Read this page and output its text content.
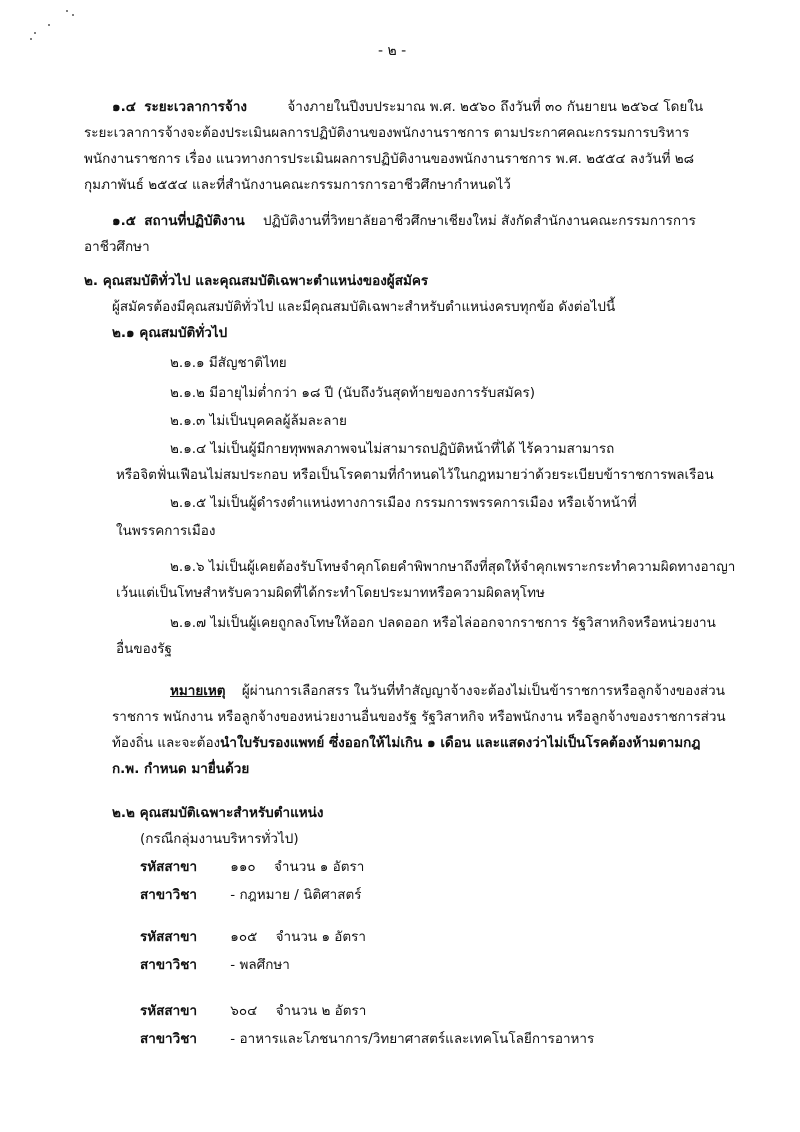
- ๒ -
๑.๔ ระยะเวลาการจ้าง	จ้างภายในปีงบประมาณ พ.ศ. ๒๕๖๐ ถึงวันที่ ๓๐ กันยายน ๒๕๖๔ โดยใน
ระยะเวลาการจ้างจะต้องประเมินผลการปฏิบัติงานของพนักงานราชการ ตามประกาศคณะกรรมการบริหาร
พนักงานราชการ เรื่อง แนวทางการประเมินผลการปฏิบัติงานของพนักงานราชการ พ.ศ. ๒๕๕๔ ลงวันที่ ๒๘
กุมภาพันธ์ ๒๕๕๔ และที่สำนักงานคณะกรรมการการอาชีวศึกษากำหนดไว้
๑.๕ สถานที่ปฏิบัติงาน ปฏิบัติงานที่วิทยาลัยอาชีวศึกษาเชียงใหม่ สังกัดสำนักงานคณะกรรมการการ
อาชีวศึกษา
๒. คุณสมบัติทั่วไป และคุณสมบัติเฉพาะตำแหน่งของผู้สมัคร
ผู้สมัครต้องมีคุณสมบัติทั่วไป และมีคุณสมบัติเฉพาะสำหรับตำแหน่งครบทุกข้อ ดังต่อไปนี้
๒.๑ คุณสมบัติทั่วไป
๒.๑.๑ มีสัญชาติไทย
๒.๑.๒ มีอายุไม่ต่ำกว่า ๑๘ ปี (นับถึงวันสุดท้ายของการรับสมัคร)
๒.๑.๓ ไม่เป็นบุคคลผู้ล้มละลาย
๒.๑.๔ ไม่เป็นผู้มีกายทุพพลภาพจนไม่สามารถปฏิบัติหน้าที่ได้ ไร้ความสามารถ
หรือจิตฟั่นเฟือนไม่สมประกอบ หรือเป็นโรคตามที่กำหนดไว้ในกฎหมายว่าด้วยระเบียบข้าราชการพลเรือน
๒.๑.๕ ไม่เป็นผู้ดำรงตำแหน่งทางการเมือง กรรมการพรรคการเมือง หรือเจ้าหน้าที่
ในพรรคการเมือง
๒.๑.๖ ไม่เป็นผู้เคยต้องรับโทษจำคุกโดยคำพิพากษาถึงที่สุดให้จำคุกเพราะกระทำความผิดทางอาญา
เว้นแต่เป็นโทษสำหรับความผิดที่ได้กระทำโดยประมาทหรือความผิดลหุโทษ
๒.๑.๗ ไม่เป็นผู้เคยถูกลงโทษให้ออก ปลดออก หรือไล่ออกจากราชการ รัฐวิสาหกิจหรือหน่วยงาน
อื่นของรัฐ
หมายเหตุ ผู้ผ่านการเลือกสรร ในวันที่ทำสัญญาจ้างจะต้องไม่เป็นข้าราชการหรือลูกจ้างของส่วน
ราชการ พนักงาน หรือลูกจ้างของหน่วยงานอื่นของรัฐ รัฐวิสาหกิจ หรือพนักงาน หรือลูกจ้างของราชการส่วน
ท้องถิ่น และจะต้องนำใบรับรองแพทย์ ซึ่งออกให้ไม่เกิน ๑ เดือน และแสดงว่าไม่เป็นโรคต้องห้ามตามกฎ
ก.พ. กำหนด มายื่นด้วย
๒.๒ คุณสมบัติเฉพาะสำหรับตำแหน่ง
(กรณีกลุ่มงานบริหารทั่วไป)
รหัสสาขา ๑๑๐ จำนวน ๑ อัตรา
สาขาวิชา - กฎหมาย / นิติศาสตร์
รหัสสาขา ๑๐๕ จำนวน ๑ อัตรา
สาขาวิชา - พลศึกษา
รหัสสาขา ๖๐๔ จำนวน ๒ อัตรา
สาขาวิชา - อาหารและโภชนาการ/วิทยาศาสตร์และเทคโนโลยีการอาหาร
